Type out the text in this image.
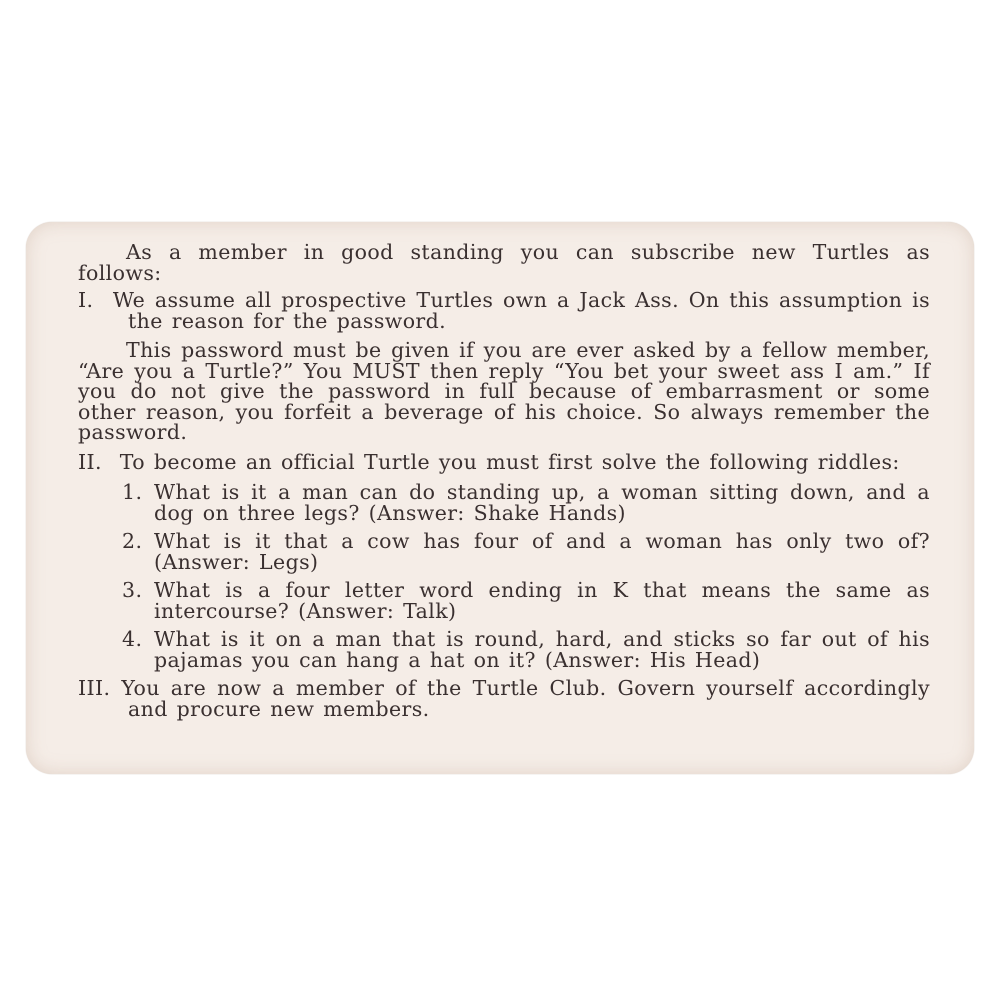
As a member in good standing you can subscribe new Turtles as follows:

I. We assume all prospective Turtles own a Jack Ass. On this assumption is the reason for the password.

This password must be given if you are ever asked by a fellow member, “Are you a Turtle?” You MUST then reply “You bet your sweet ass I am.” If you do not give the password in full because of embarrasment or some other reason, you forfeit a beverage of his choice. So always remember the password.

II. To become an official Turtle you must first solve the following riddles:

1. What is it a man can do standing up, a woman sitting down, and a dog on three legs? (Answer: Shake Hands)
2. What is it that a cow has four of and a woman has only two of? (Answer: Legs)
3. What is a four letter word ending in K that means the same as intercourse? (Answer: Talk)
4. What is it on a man that is round, hard, and sticks so far out of his pajamas you can hang a hat on it? (Answer: His Head)

III. You are now a member of the Turtle Club. Govern yourself accordingly and procure new members.
